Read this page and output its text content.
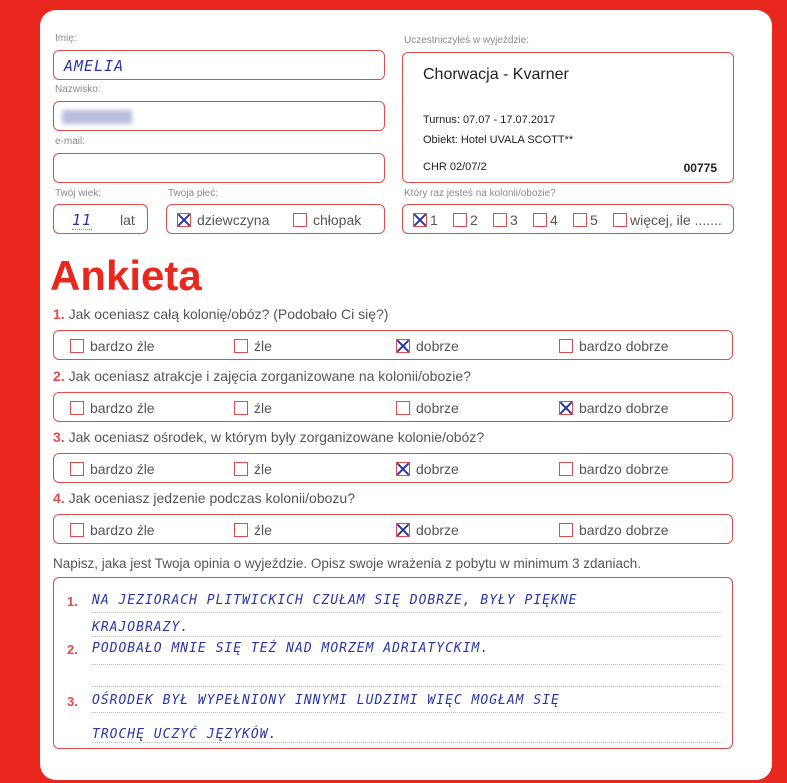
Imię:
AMELIA
Nazwisko:
e-mail:
Twój wiek:
11 lat
Twoja płeć:
dziewczyna	chłopak
Uczestniczyłeś w wyjeździe:
Chorwacja - Kvarner
Turnus: 07.07 - 17.07.2017
Obiekt: Hotel UVALA SCOTT**
CHR 02/07/2	00775
Który raz jesteś na kolonii/obozie?
1	2	3	4	5	więcej, ile .......
Ankieta
1. Jak oceniasz całą kolonię/obóz? (Podobało Ci się?)
bardzo źle	źle	dobrze	bardzo dobrze
2. Jak oceniasz atrakcje i zajęcia zorganizowane na kolonii/obozie?
bardzo źle	źle	dobrze	bardzo dobrze
3. Jak oceniasz ośrodek, w którym były zorganizowane kolonie/obóz?
bardzo źle	źle	dobrze	bardzo dobrze
4. Jak oceniasz jedzenie podczas kolonii/obozu?
bardzo źle	źle	dobrze	bardzo dobrze
Napisz, jaka jest Twoja opinia o wyjeździe. Opisz swoje wrażenia z pobytu w minimum 3 zdaniach.
1. NA JEZIORACH PLITWICKICH CZUŁAM SIĘ DOBRZE, BYŁY PIĘKNE
KRAJOBRAZY.
2. PODOBAŁO MNIE SIĘ TEŻ NAD MORZEM ADRIATYCKIM.
3. OŚRODEK BYŁ WYPEŁNIONY INNYMI LUDZIMI WIĘC MOGŁAM SIĘ
TROCHĘ UCZYĆ JĘZYKÓW.
